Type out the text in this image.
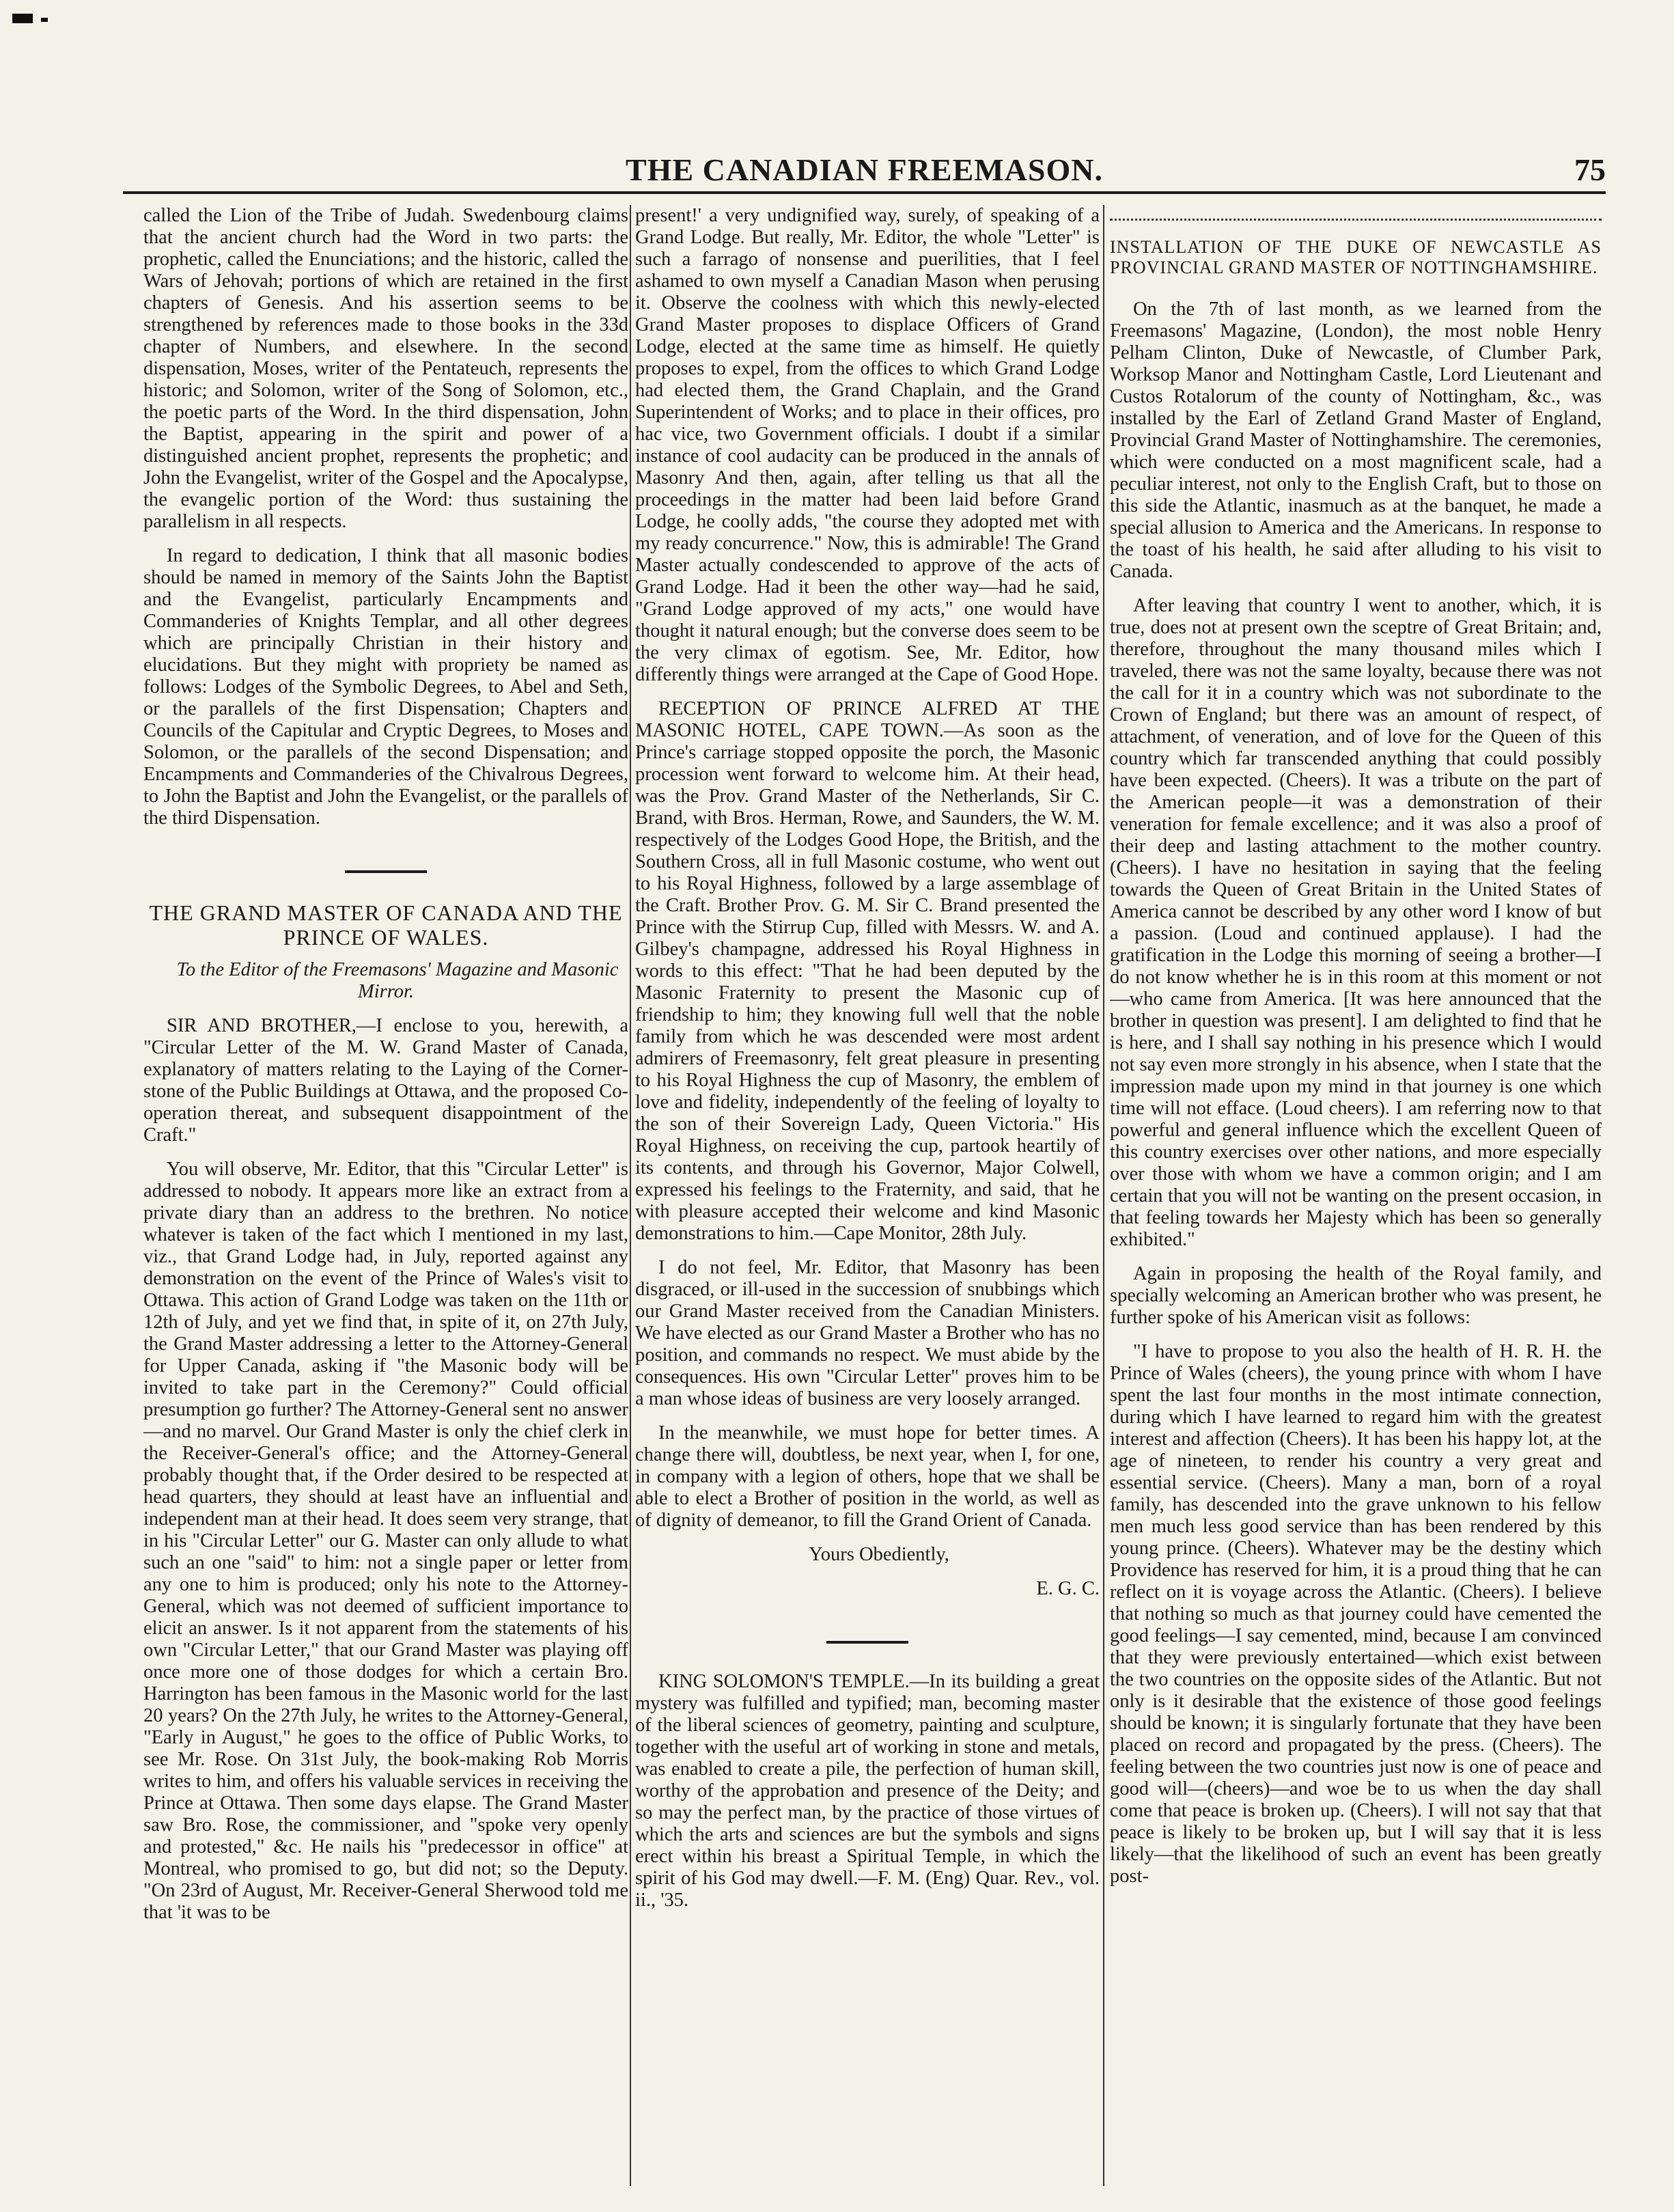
THE CANADIAN FREEMASON.	75

called the Lion of the Tribe of Judah. Swedenbourg claims that the ancient church had the Word in two parts: the prophetic, called the Enunciations; and the historic, called the Wars of Jehovah; portions of which are retained in the first chapters of Genesis. And his assertion seems to be strengthened by references made to those books in the 33d chapter of Numbers, and elsewhere. In the second dispensation, Moses, writer of the Pentateuch, represents the historic; and Solomon, writer of the Song of Solomon, etc., the poetic parts of the Word. In the third dispensation, John the Baptist, appearing in the spirit and power of a distinguished ancient prophet, represents the prophetic; and John the Evangelist, writer of the Gospel and the Apocalypse, the evangelic portion of the Word: thus sustaining the parallelism in all respects.

In regard to dedication, I think that all masonic bodies should be named in memory of the Saints John the Baptist and the Evangelist, particularly Encampments and Commanderies of Knights Templar, and all other degrees which are principally Christian in their history and elucidations. But they might with propriety be named as follows: Lodges of the Symbolic Degrees, to Abel and Seth, or the parallels of the first Dispensation; Chapters and Councils of the Capitular and Cryptic Degrees, to Moses and Solomon, or the parallels of the second Dispensation; and Encampments and Commanderies of the Chivalrous Degrees, to John the Baptist and John the Evangelist, or the parallels of the third Dispensation.

THE GRAND MASTER OF CANADA AND THE PRINCE OF WALES.

To the Editor of the Freemasons' Magazine and Masonic Mirror.

SIR AND BROTHER,—I enclose to you, herewith, a "Circular Letter of the M. W. Grand Master of Canada, explanatory of matters relating to the Laying of the Corner-stone of the Public Buildings at Ottawa, and the proposed Co-operation thereat, and subsequent disappointment of the Craft."

You will observe, Mr. Editor, that this "Circular Letter" is addressed to nobody. It appears more like an extract from a private diary than an address to the brethren. No notice whatever is taken of the fact which I mentioned in my last, viz., that Grand Lodge had, in July, reported against any demonstration on the event of the Prince of Wales's visit to Ottawa. This action of Grand Lodge was taken on the 11th or 12th of July, and yet we find that, in spite of it, on 27th July, the Grand Master addressing a letter to the Attorney-General for Upper Canada, asking if "the Masonic body will be invited to take part in the Ceremony?" Could official presumption go further? The Attorney-General sent no answer—and no marvel. Our Grand Master is only the chief clerk in the Receiver-General's office; and the Attorney-General probably thought that, if the Order desired to be respected at head quarters, they should at least have an influential and independent man at their head. It does seem very strange, that in his "Circular Letter" our G. Master can only allude to what such an one "said" to him: not a single paper or letter from any one to him is produced; only his note to the Attorney-General, which was not deemed of sufficient importance to elicit an answer. Is it not apparent from the statements of his own "Circular Letter," that our Grand Master was playing off once more one of those dodges for which a certain Bro. Harrington has been famous in the Masonic world for the last 20 years? On the 27th July, he writes to the Attorney-General, "Early in August," he goes to the office of Public Works, to see Mr. Rose. On 31st July, the book-making Rob Morris writes to him, and offers his valuable services in receiving the Prince at Ottawa. Then some days elapse. The Grand Master saw Bro. Rose, the commissioner, and "spoke very openly and protested," &c. He nails his "predecessor in office" at Montreal, who promised to go, but did not; so the Deputy. "On 23rd of August, Mr. Receiver-General Sherwood told me that 'it was to be

present!' a very undignified way, surely, of speaking of a Grand Lodge. But really, Mr. Editor, the whole "Letter" is such a farrago of nonsense and puerilities, that I feel ashamed to own myself a Canadian Mason when perusing it. Observe the coolness with which this newly-elected Grand Master proposes to displace Officers of Grand Lodge, elected at the same time as himself. He quietly proposes to expel, from the offices to which Grand Lodge had elected them, the Grand Chaplain, and the Grand Superintendent of Works; and to place in their offices, pro hac vice, two Government officials. I doubt if a similar instance of cool audacity can be produced in the annals of Masonry And then, again, after telling us that all the proceedings in the matter had been laid before Grand Lodge, he coolly adds, "the course they adopted met with my ready concurrence." Now, this is admirable! The Grand Master actually condescended to approve of the acts of Grand Lodge. Had it been the other way—had he said, "Grand Lodge approved of my acts," one would have thought it natural enough; but the converse does seem to be the very climax of egotism. See, Mr. Editor, how differently things were arranged at the Cape of Good Hope.

RECEPTION OF PRINCE ALFRED AT THE MASONIC HOTEL, CAPE TOWN.—As soon as the Prince's carriage stopped opposite the porch, the Masonic procession went forward to welcome him. At their head, was the Prov. Grand Master of the Netherlands, Sir C. Brand, with Bros. Herman, Rowe, and Saunders, the W. M. respectively of the Lodges Good Hope, the British, and the Southern Cross, all in full Masonic costume, who went out to his Royal Highness, followed by a large assemblage of the Craft. Brother Prov. G. M. Sir C. Brand presented the Prince with the Stirrup Cup, filled with Messrs. W. and A. Gilbey's champagne, addressed his Royal Highness in words to this effect: "That he had been deputed by the Masonic Fraternity to present the Masonic cup of friendship to him; they knowing full well that the noble family from which he was descended were most ardent admirers of Freemasonry, felt great pleasure in presenting to his Royal Highness the cup of Masonry, the emblem of love and fidelity, independently of the feeling of loyalty to the son of their Sovereign Lady, Queen Victoria." His Royal Highness, on receiving the cup, partook heartily of its contents, and through his Governor, Major Colwell, expressed his feelings to the Fraternity, and said, that he with pleasure accepted their welcome and kind Masonic demonstrations to him.—Cape Monitor, 28th July.

I do not feel, Mr. Editor, that Masonry has been disgraced, or ill-used in the succession of snubbings which our Grand Master received from the Canadian Ministers. We have elected as our Grand Master a Brother who has no position, and commands no respect. We must abide by the consequences. His own "Circular Letter" proves him to be a man whose ideas of business are very loosely arranged.

In the meanwhile, we must hope for better times. A change there will, doubtless, be next year, when I, for one, in company with a legion of others, hope that we shall be able to elect a Brother of position in the world, as well as of dignity of demeanor, to fill the Grand Orient of Canada.

Yours Obediently,

E. G. C.

KING SOLOMON'S TEMPLE.—In its building a great mystery was fulfilled and typified; man, becoming master of the liberal sciences of geometry, painting and sculpture, together with the useful art of working in stone and metals, was enabled to create a pile, the perfection of human skill, worthy of the approbation and presence of the Deity; and so may the perfect man, by the practice of those virtues of which the arts and sciences are but the symbols and signs erect within his breast a Spiritual Temple, in which the spirit of his God may dwell.—F. M. (Eng) Quar. Rev., vol. ii., '35.

INSTALLATION OF THE DUKE OF NEWCASTLE AS PROVINCIAL GRAND MASTER OF NOTTINGHAMSHIRE.

On the 7th of last month, as we learned from the Freemasons' Magazine, (London), the most noble Henry Pelham Clinton, Duke of Newcastle, of Clumber Park, Worksop Manor and Nottingham Castle, Lord Lieutenant and Custos Rotalorum of the county of Nottingham, &c., was installed by the Earl of Zetland Grand Master of England, Provincial Grand Master of Nottinghamshire. The ceremonies, which were conducted on a most magnificent scale, had a peculiar interest, not only to the English Craft, but to those on this side the Atlantic, inasmuch as at the banquet, he made a special allusion to America and the Americans. In response to the toast of his health, he said after alluding to his visit to Canada.

After leaving that country I went to another, which, it is true, does not at present own the sceptre of Great Britain; and, therefore, throughout the many thousand miles which I traveled, there was not the same loyalty, because there was not the call for it in a country which was not subordinate to the Crown of England; but there was an amount of respect, of attachment, of veneration, and of love for the Queen of this country which far transcended anything that could possibly have been expected. (Cheers). It was a tribute on the part of the American people—it was a demonstration of their veneration for female excellence; and it was also a proof of their deep and lasting attachment to the mother country. (Cheers). I have no hesitation in saying that the feeling towards the Queen of Great Britain in the United States of America cannot be described by any other word I know of but a passion. (Loud and continued applause). I had the gratification in the Lodge this morning of seeing a brother—I do not know whether he is in this room at this moment or not—who came from America. [It was here announced that the brother in question was present]. I am delighted to find that he is here, and I shall say nothing in his presence which I would not say even more strongly in his absence, when I state that the impression made upon my mind in that journey is one which time will not efface. (Loud cheers). I am referring now to that powerful and general influence which the excellent Queen of this country exercises over other nations, and more especially over those with whom we have a common origin; and I am certain that you will not be wanting on the present occasion, in that feeling towards her Majesty which has been so generally exhibited."

Again in proposing the health of the Royal family, and specially welcoming an American brother who was present, he further spoke of his American visit as follows:

"I have to propose to you also the health of H. R. H. the Prince of Wales (cheers), the young prince with whom I have spent the last four months in the most intimate connection, during which I have learned to regard him with the greatest interest and affection (Cheers). It has been his happy lot, at the age of nineteen, to render his country a very great and essential service. (Cheers). Many a man, born of a royal family, has descended into the grave unknown to his fellow men much less good service than has been rendered by this young prince. (Cheers). Whatever may be the destiny which Providence has reserved for him, it is a proud thing that he can reflect on it is voyage across the Atlantic. (Cheers). I believe that nothing so much as that journey could have cemented the good feelings—I say cemented, mind, because I am convinced that they were previously entertained—which exist between the two countries on the opposite sides of the Atlantic. But not only is it desirable that the existence of those good feelings should be known; it is singularly fortunate that they have been placed on record and propagated by the press. (Cheers). The feeling between the two countries just now is one of peace and good will—(cheers)—and woe be to us when the day shall come that peace is broken up. (Cheers). I will not say that that peace is likely to be broken up, but I will say that it is less likely—that the likelihood of such an event has been greatly post-
